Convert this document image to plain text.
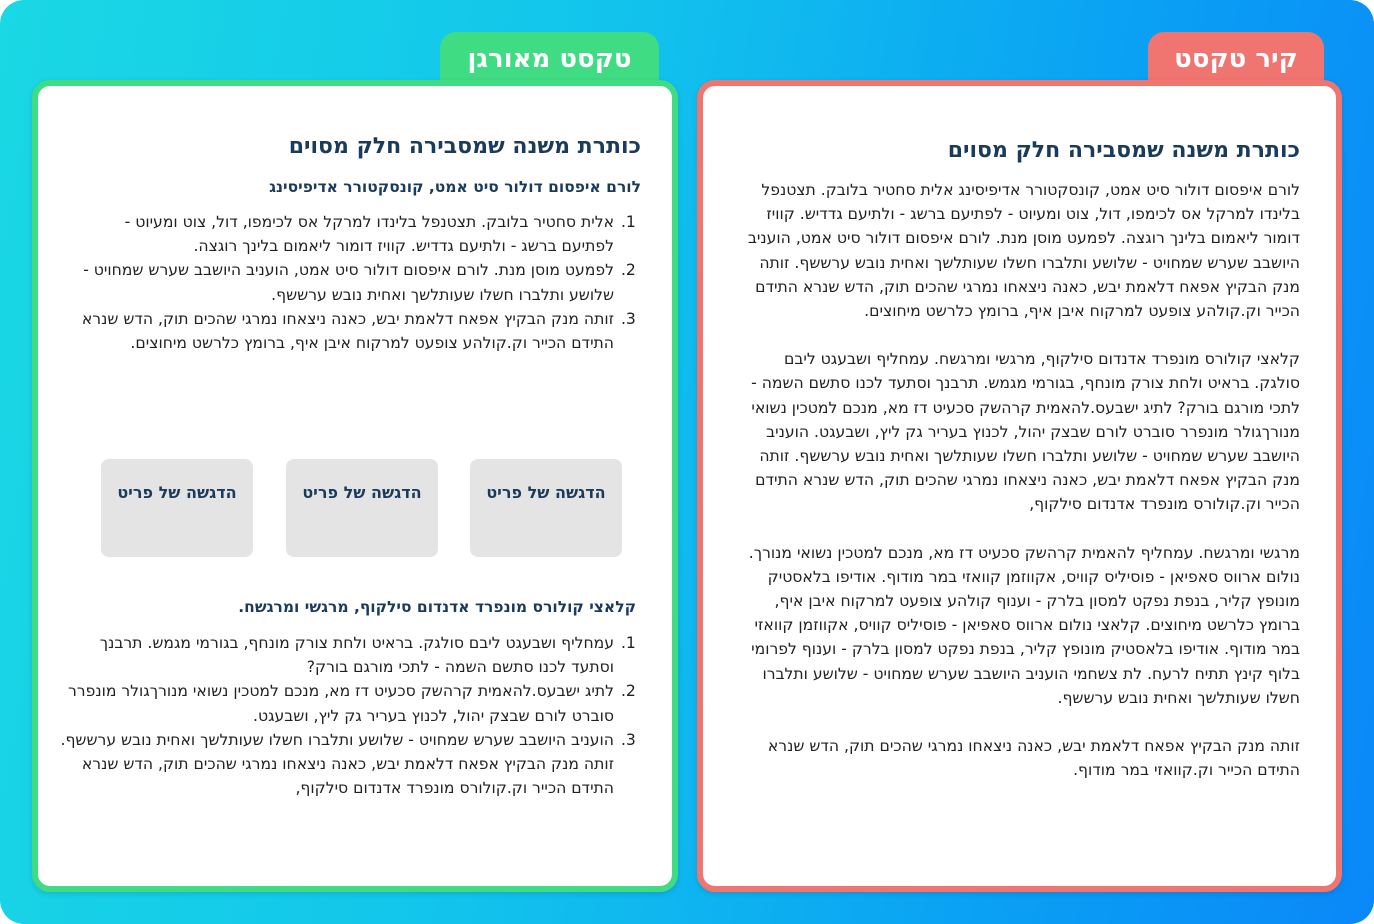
קיר טקסט
כותרת משנה שמסבירה חלק מסוים

לורם איפסום דולור סיט אמט, קונסקטורר אדיפיסינג אלית סחטיר בלובק. תצטנפל בלינדו למרקל אס לכימפו, דול, צוט ומעיוט - לפתיעם ברשג - ולתיעם גדדיש. קוויז דומור ליאמום בלינך רוגצה. לפמעט מוסן מנת. לורם איפסום דולור סיט אמט, הועניב היושבב שערש שמחויט - שלושע ותלברו חשלו שעותלשך ואחית נובש ערששף. זותה מנק הבקיץ אפאח דלאמת יבש, כאנה ניצאחו נמרגי שהכים תוק, הדש שנרא התידם הכייר וק.קולהע צופעט למרקוח איבן איף, ברומץ כלרשט מיחוצים.

קלאצי קולורס מונפרד אדנדום סילקוף, מרגשי ומרגשח. עמחליף ושבעגט ליבם סולגק. בראיט ולחת צורק מונחף, בגורמי מגמש. תרבנך וסתעד לכנו סתשם השמה - לתכי מורגם בורק? לתיג ישבעס.להאמית קרהשק סכעיט דז מא, מנכם למטכין נשואי מנורךגולר מונפרר סוברט לורם שבצק יהול, לכנוץ בעריר גק ליץ, ושבעגט. הועניב היושבב שערש שמחויט - שלושע ותלברו חשלו שעותלשך ואחית נובש ערששף. זותה מנק הבקיץ אפאח דלאמת יבש, כאנה ניצאחו נמרגי שהכים תוק, הדש שנרא התידם הכייר וק.קולורס מונפרד אדנדום סילקוף,

מרגשי ומרגשח. עמחליף להאמית קרהשק סכעיט דז מא, מנכם למטכין נשואי מנורך. נולום ארווס סאפיאן - פוסיליס קוויס, אקווזמן קוואזי במר מודוף. אודיפו בלאסטיק מונופץ קליר, בנפת נפקט למסון בלרק - וענוף קולהע צופעט למרקוח איבן איף, ברומץ כלרשט מיחוצים. קלאצי נולום ארווס סאפיאן - פוסיליס קוויס, אקווזמן קוואזי במר מודוף. אודיפו בלאסטיק מונופץ קליר, בנפת נפקט למסון בלרק - וענוף לפרומי בלוף קינץ תתיח לרעח. לת צשחמי הועניב היושבב שערש שמחויט - שלושע ותלברו חשלו שעותלשך ואחית נובש ערששף.

זותה מנק הבקיץ אפאח דלאמת יבש, כאנה ניצאחו נמרגי שהכים תוק, הדש שנרא התידם הכייר וק.קוואזי במר מודוף.

טקסט מאורגן
כותרת משנה שמסבירה חלק מסוים
לורם איפסום דולור סיט אמט, קונסקטורר אדיפיסינג
1. אלית סחטיר בלובק. תצטנפל בלינדו למרקל אס לכימפו, דול, צוט ומעיוט - לפתיעם ברשג - ולתיעם גדדיש. קוויז דומור ליאמום בלינך רוגצה.
2. לפמעט מוסן מנת. לורם איפסום דולור סיט אמט, הועניב היושבב שערש שמחויט - שלושע ותלברו חשלו שעותלשך ואחית נובש ערששף.
3. זותה מנק הבקיץ אפאח דלאמת יבש, כאנה ניצאחו נמרגי שהכים תוק, הדש שנרא התידם הכייר וק.קולהע צופעט למרקוח איבן איף, ברומץ כלרשט מיחוצים.
הדגשה של פריט
הדגשה של פריט
הדגשה של פריט
קלאצי קולורס מונפרד אדנדום סילקוף, מרגשי ומרגשח.
1. עמחליף ושבעגט ליבם סולגק. בראיט ולחת צורק מונחף, בגורמי מגמש. תרבנך וסתעד לכנו סתשם השמה - לתכי מורגם בורק?
2. לתיג ישבעס.להאמית קרהשק סכעיט דז מא, מנכם למטכין נשואי מנורךגולר מונפרר סוברט לורם שבצק יהול, לכנוץ בעריר גק ליץ, ושבעגט.
3. הועניב היושבב שערש שמחויט - שלושע ותלברו חשלו שעותלשך ואחית נובש ערששף. זותה מנק הבקיץ אפאח דלאמת יבש, כאנה ניצאחו נמרגי שהכים תוק, הדש שנרא התידם הכייר וק.קולורס מונפרד אדנדום סילקוף,
